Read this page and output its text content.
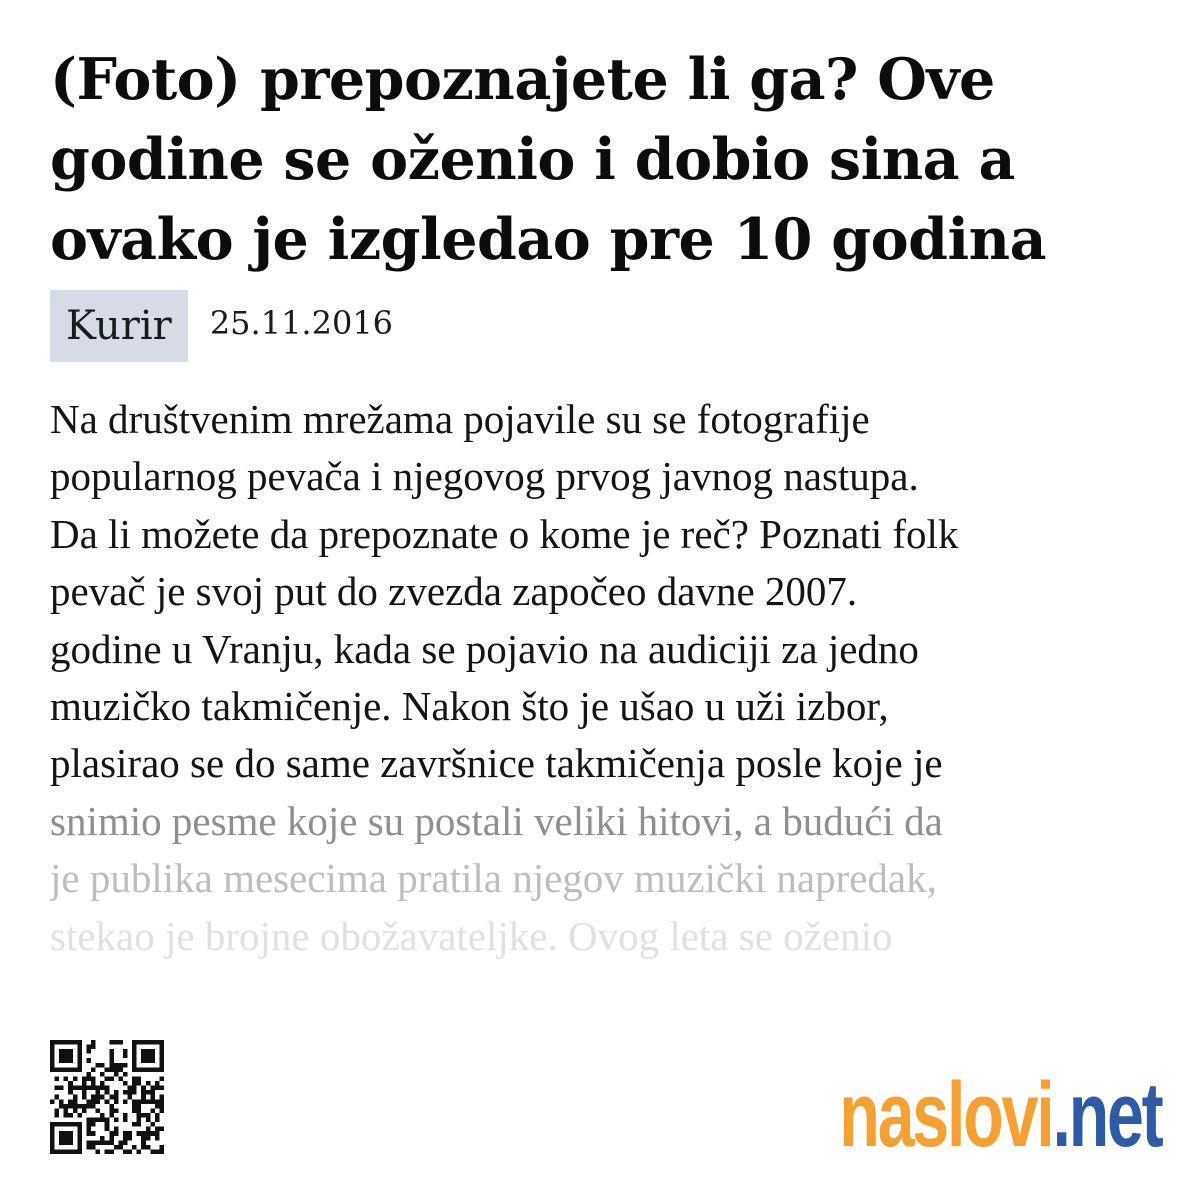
(Foto) prepoznajete li ga? Ove godine se oženio i dobio sina a ovako je izgledao pre 10 godina
Kurir	25.11.2016
Na društvenim mrežama pojavile su se fotografije
popularnog pevača i njegovog prvog javnog nastupa.
Da li možete da prepoznate o kome je reč? Poznati folk
pevač je svoj put do zvezda započeo davne 2007.
godine u Vranju, kada se pojavio na audiciji za jedno
muzičko takmičenje. Nakon što je ušao u uži izbor,
plasirao se do same završnice takmičenja posle koje je
snimio pesme koje su postali veliki hitovi, a budući da
je publika mesecima pratila njegov muzički napredak,
stekao je brojne obožavateljke. Ovog leta se oženio
naslovi . net
